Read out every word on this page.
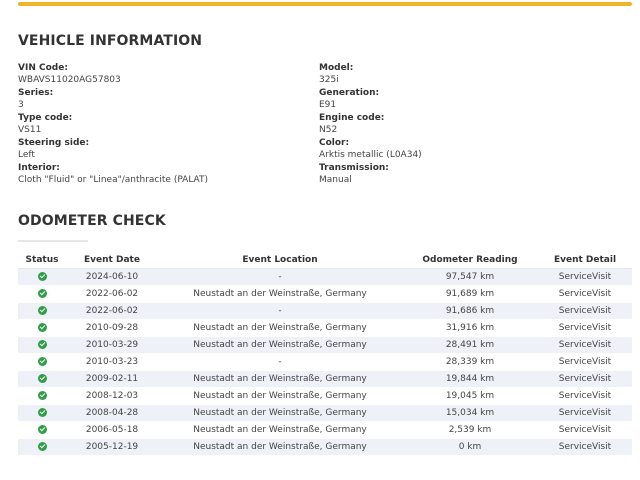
VEHICLE INFORMATION
VIN Code:
WBAVS11020AG57803
Series:
3
Type code:
VS11
Steering side:
Left
Interior:
Cloth "Fluid" or "Linea"/anthracite (PALAT)
Model:
325i
Generation:
E91
Engine code:
N52
Color:
Arktis metallic (L0A34)
Transmission:
Manual
ODOMETER CHECK
Status	Event Date	Event Location	Odometer Reading	Event Detail
	2024-06-10	-	97,547 km	ServiceVisit
	2022-06-02	Neustadt an der Weinstraße, Germany	91,689 km	ServiceVisit
	2022-06-02	-	91,686 km	ServiceVisit
	2010-09-28	Neustadt an der Weinstraße, Germany	31,916 km	ServiceVisit
	2010-03-29	Neustadt an der Weinstraße, Germany	28,491 km	ServiceVisit
	2010-03-23	-	28,339 km	ServiceVisit
	2009-02-11	Neustadt an der Weinstraße, Germany	19,844 km	ServiceVisit
	2008-12-03	Neustadt an der Weinstraße, Germany	19,045 km	ServiceVisit
	2008-04-28	Neustadt an der Weinstraße, Germany	15,034 km	ServiceVisit
	2006-05-18	Neustadt an der Weinstraße, Germany	2,539 km	ServiceVisit
	2005-12-19	Neustadt an der Weinstraße, Germany	0 km	ServiceVisit
